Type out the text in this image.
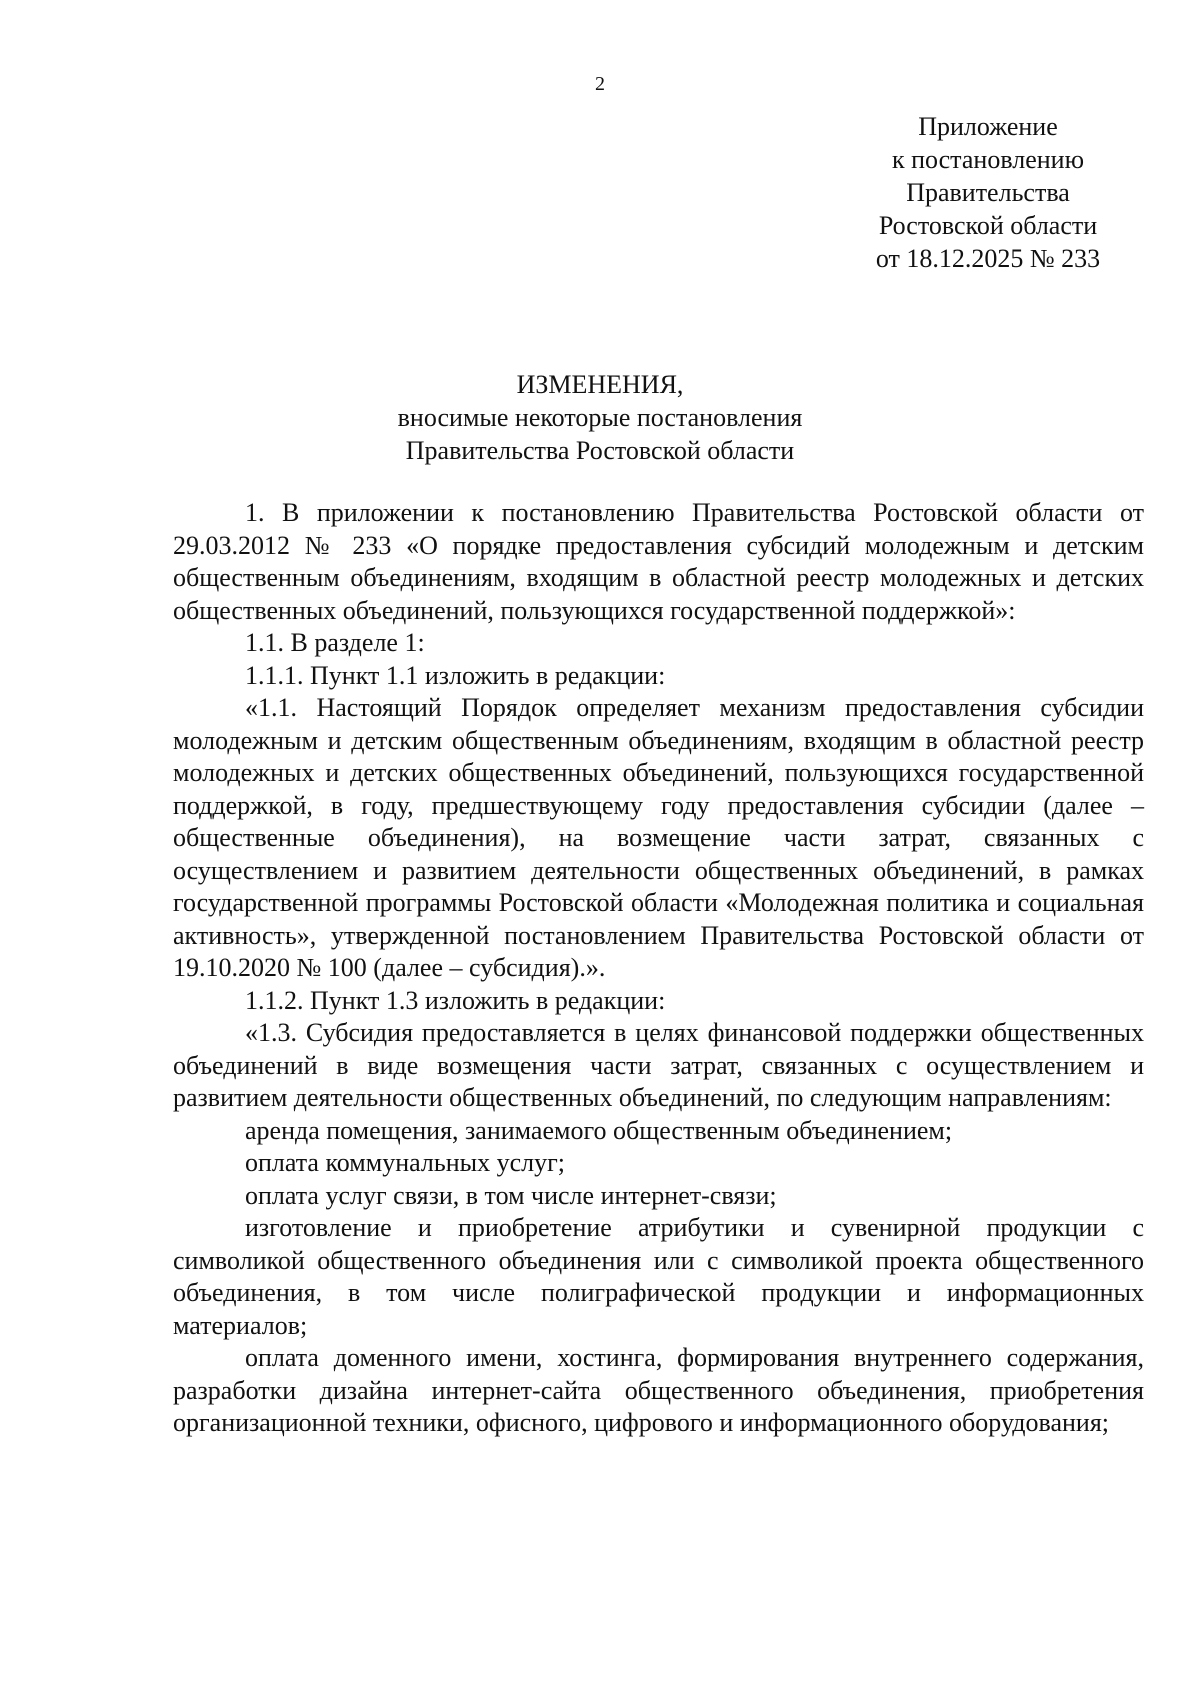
2
Приложение
к постановлению
Правительства
Ростовской области
от 18.12.2025 № 233
ИЗМЕНЕНИЯ,
вносимые некоторые постановления
Правительства Ростовской области

1. В приложении к постановлению Правительства Ростовской области от 29.03.2012 № 233 «О порядке предоставления субсидий молодежным и детским общественным объединениям, входящим в областной реестр молодежных и детских общественных объединений, пользующихся государственной поддержкой»:

1.1. В разделе 1:

1.1.1. Пункт 1.1 изложить в редакции:

«1.1. Настоящий Порядок определяет механизм предоставления субсидии молодежным и детским общественным объединениям, входящим в областной реестр молодежных и детских общественных объединений, пользующихся государственной поддержкой, в году, предшествующему году предоставления субсидии (далее – общественные объединения), на возмещение части затрат, связанных с осуществлением и развитием деятельности общественных объединений, в рамках государственной программы Ростовской области «Молодежная политика и социальная активность», утвержденной постановлением Правительства Ростовской области от 19.10.2020 № 100 (далее – субсидия).».

1.1.2. Пункт 1.3 изложить в редакции:

«1.3. Субсидия предоставляется в целях финансовой поддержки общественных объединений в виде возмещения части затрат, связанных с осуществлением и развитием деятельности общественных объединений, по следующим направлениям:

аренда помещения, занимаемого общественным объединением;

оплата коммунальных услуг;

оплата услуг связи, в том числе интернет-связи;

изготовление и приобретение атрибутики и сувенирной продукции с символикой общественного объединения или с символикой проекта общественного объединения, в том числе полиграфической продукции и информационных материалов;

оплата доменного имени, хостинга, формирования внутреннего содержания, разработки дизайна интернет-сайта общественного объединения, приобретения организационной техники, офисного, цифрового и информационного оборудования;
